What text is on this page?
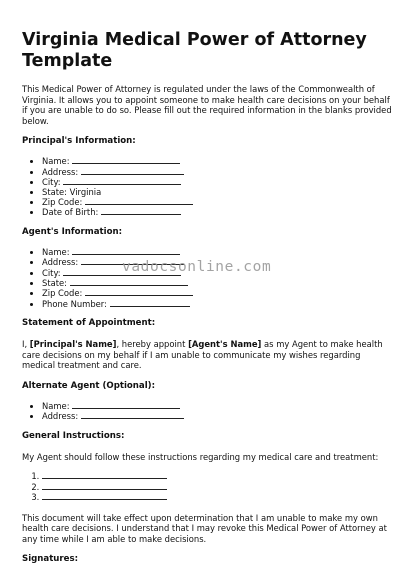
Virginia Medical Power of Attorney Template

This Medical Power of Attorney is regulated under the laws of the Commonwealth of Virginia. It allows you to appoint someone to make health care decisions on your behalf if you are unable to do so. Please fill out the required information in the blanks provided below.

Principal's Information:
• Name:
• Address:
• City:
• State: Virginia
• Zip Code:
• Date of Birth:
Agent's Information:
• Name:
• Address:
• City:
• State:
• Zip Code:
• Phone Number:
Statement of Appointment:

I, [Principal's Name], hereby appoint [Agent's Name] as my Agent to make health care decisions on my behalf if I am unable to communicate my wishes regarding medical treatment and care.

Alternate Agent (Optional):
• Name:
• Address:
General Instructions:

My Agent should follow these instructions regarding my medical care and treatment:

1.
2.
3.

This document will take effect upon determination that I am unable to make my own health care decisions. I understand that I may revoke this Medical Power of Attorney at any time while I am able to make decisions.

Signatures:
vadocsonline.com
